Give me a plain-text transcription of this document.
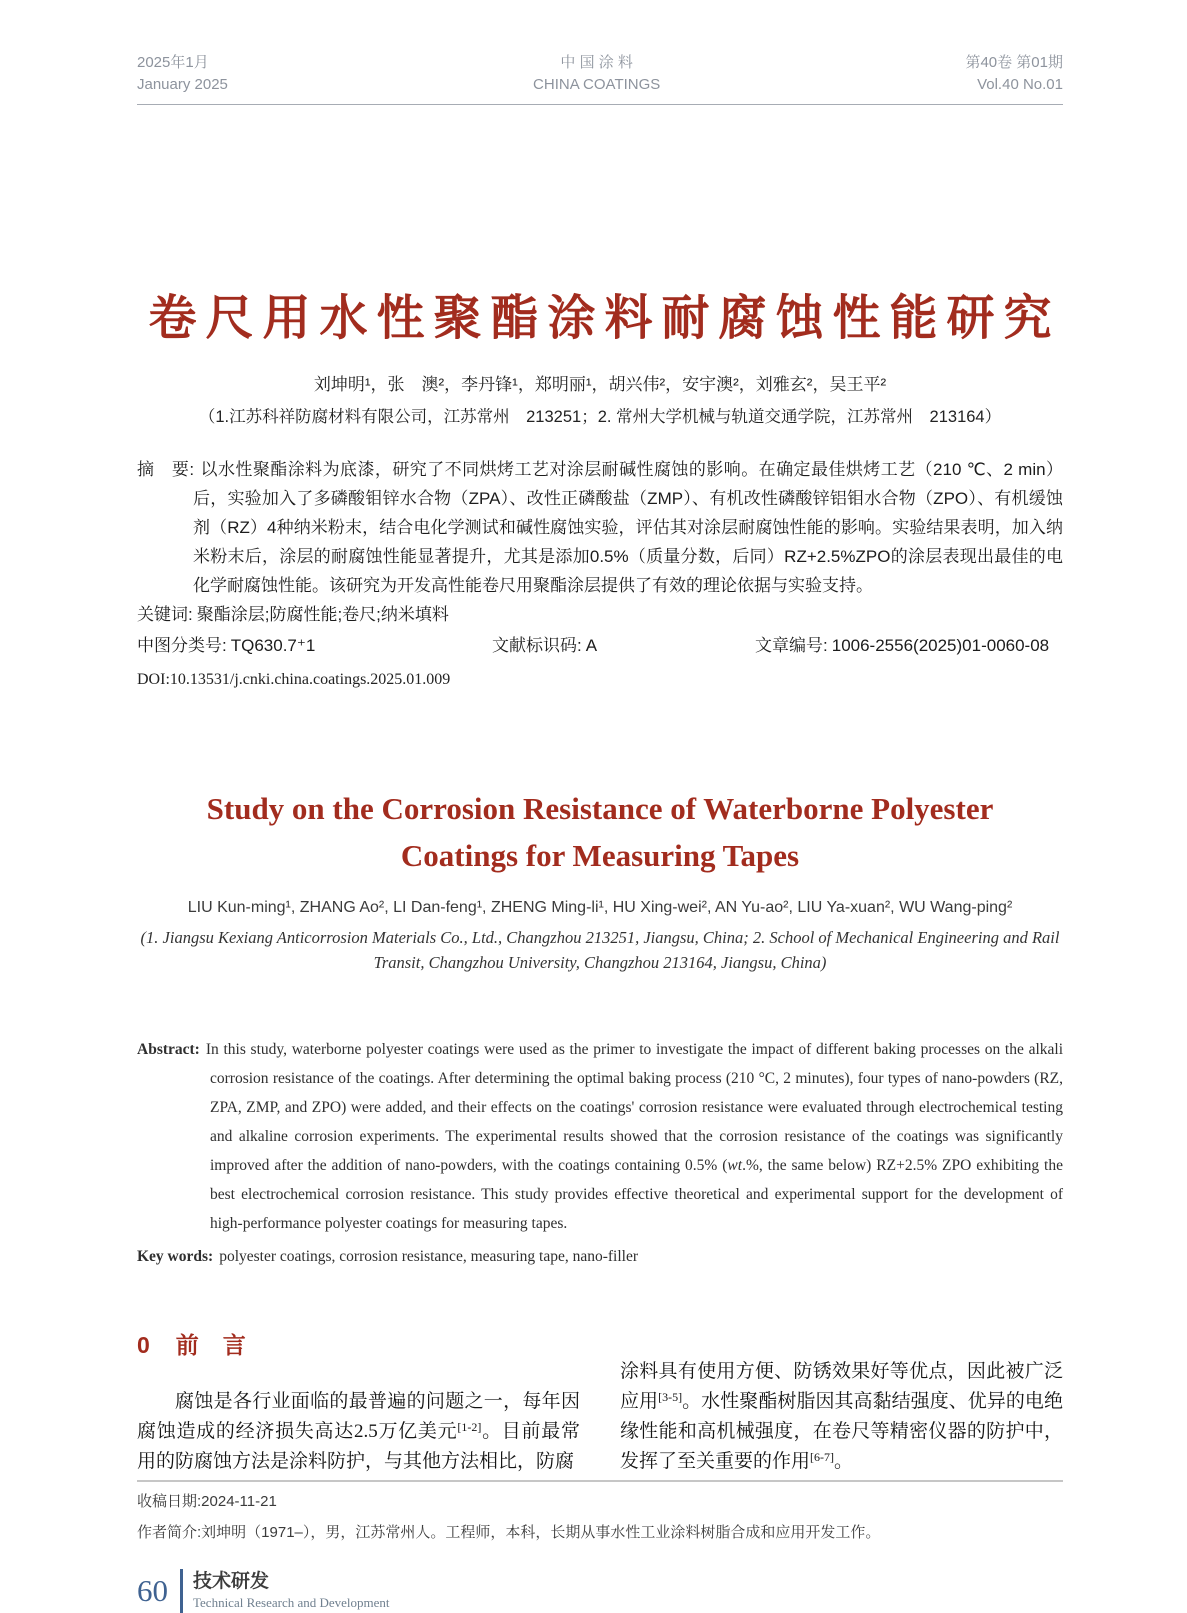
2025年1月
January 2025
中 国 涂 料
CHINA COATINGS
第40卷 第01期
Vol.40 No.01
卷尺用水性聚酯涂料耐腐蚀性能研究
刘坤明¹，张　澳²，李丹锋¹，郑明丽¹，胡兴伟²，安宇澳²，刘雅玄²，吴王平²
（1.江苏科祥防腐材料有限公司，江苏常州　213251；2. 常州大学机械与轨道交通学院，江苏常州　213164）

摘　要: 以水性聚酯涂料为底漆，研究了不同烘烤工艺对涂层耐碱性腐蚀的影响。在确定最佳烘烤工艺（210 ℃、2 min）后，实验加入了多磷酸钼锌水合物（ZPA）、改性正磷酸盐（ZMP）、有机改性磷酸锌铝钼水合物（ZPO）、有机缓蚀剂（RZ）4种纳米粉末，结合电化学测试和碱性腐蚀实验，评估其对涂层耐腐蚀性能的影响。实验结果表明，加入纳米粉末后，涂层的耐腐蚀性能显著提升，尤其是添加0.5%（质量分数，后同）RZ+2.5%ZPO的涂层表现出最佳的电化学耐腐蚀性能。该研究为开发高性能卷尺用聚酯涂层提供了有效的理论依据与实验支持。

关键词: 聚酯涂层;防腐性能;卷尺;纳米填料

中图分类号: TQ630.7⁺1	文献标识码: A	文章编号: 1006-2556(2025)01-0060-08
DOI:10.13531/j.cnki.china.coatings.2025.01.009
Study on the Corrosion Resistance of Waterborne Polyester
Coatings for Measuring Tapes
LIU Kun-ming¹, ZHANG Ao², LI Dan-feng¹, ZHENG Ming-li¹, HU Xing-wei², AN Yu-ao², LIU Ya-xuan², WU Wang-ping²
(1. Jiangsu Kexiang Anticorrosion Materials Co., Ltd., Changzhou 213251, Jiangsu, China; 2. School of Mechanical Engineering and Rail Transit, Changzhou University, Changzhou 213164, Jiangsu, China)

Abstract: In this study, waterborne polyester coatings were used as the primer to investigate the impact of different baking processes on the alkali corrosion resistance of the coatings. After determining the optimal baking process (210 °C, 2 minutes), four types of nano-powders (RZ, ZPA, ZMP, and ZPO) were added, and their effects on the coatings' corrosion resistance were evaluated through electrochemical testing and alkaline corrosion experiments. The experimental results showed that the corrosion resistance of the coatings was significantly improved after the addition of nano-powders, with the coatings containing 0.5% (wt.%, the same below) RZ+2.5% ZPO exhibiting the best electrochemical corrosion resistance. This study provides effective theoretical and experimental support for the development of high-performance polyester coatings for measuring tapes.

Key words: polyester coatings, corrosion resistance, measuring tape, nano-filler

0 前 言

腐蚀是各行业面临的最普遍的问题之一，每年因腐蚀造成的经济损失高达2.5万亿美元[1-2]。目前最常用的防腐蚀方法是涂料防护，与其他方法相比，防腐

涂料具有使用方便、防锈效果好等优点，因此被广泛应用[3-5]。水性聚酯树脂因其高黏结强度、优异的电绝缘性能和高机械强度，在卷尺等精密仪器的防护中，发挥了至关重要的作用[6-7]。

收稿日期:2024-11-21
作者简介:刘坤明（1971–），男，江苏常州人。工程师，本科，长期从事水性工业涂料树脂合成和应用开发工作。
60 技术研发
Technical Research and Development
